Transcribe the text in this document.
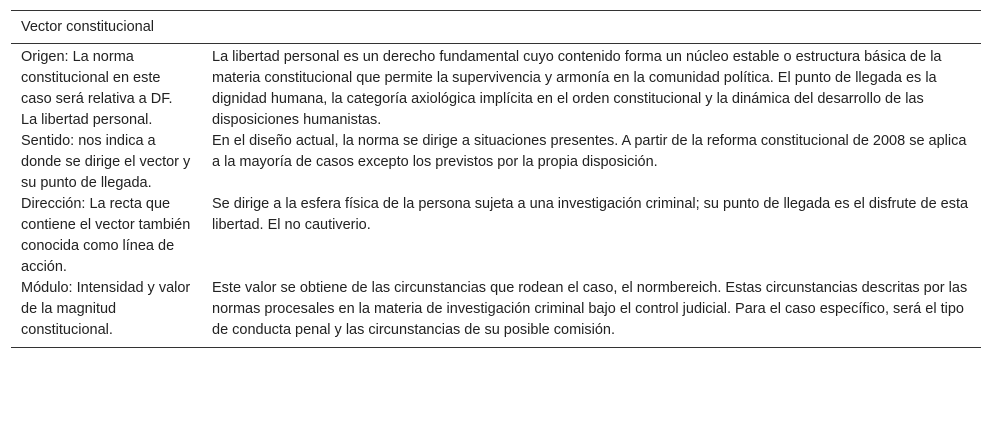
Vector constitucional	
Origen: La norma constitucional en este caso será relativa a DF. La libertad personal.	La libertad personal es un derecho fundamental cuyo contenido forma un núcleo estable o estructura básica de la materia constitucional que permite la supervivencia y armonía en la comunidad política. El punto de llegada es la dignidad humana, la categoría axiológica implícita en el orden constitucional y la dinámica del desarrollo de las disposiciones humanistas.
Sentido: nos indica a donde se dirige el vector y su punto de llegada.	En el diseño actual, la norma se dirige a situaciones presentes. A partir de la reforma constitucional de 2008 se aplica a la mayoría de casos excepto los previstos por la propia disposición.
Dirección: La recta que contiene el vector también conocida como línea de acción.	Se dirige a la esfera física de la persona sujeta a una investigación criminal; su punto de llegada es el disfrute de esta libertad. El no cautiverio.
Módulo: Intensidad y valor de la magnitud constitucional.	Este valor se obtiene de las circunstancias que rodean el caso, el normbereich. Estas circunstancias descritas por las normas procesales en la materia de investigación criminal bajo el control judicial. Para el caso específico, será el tipo de conducta penal y las circunstancias de su posible comisión.
